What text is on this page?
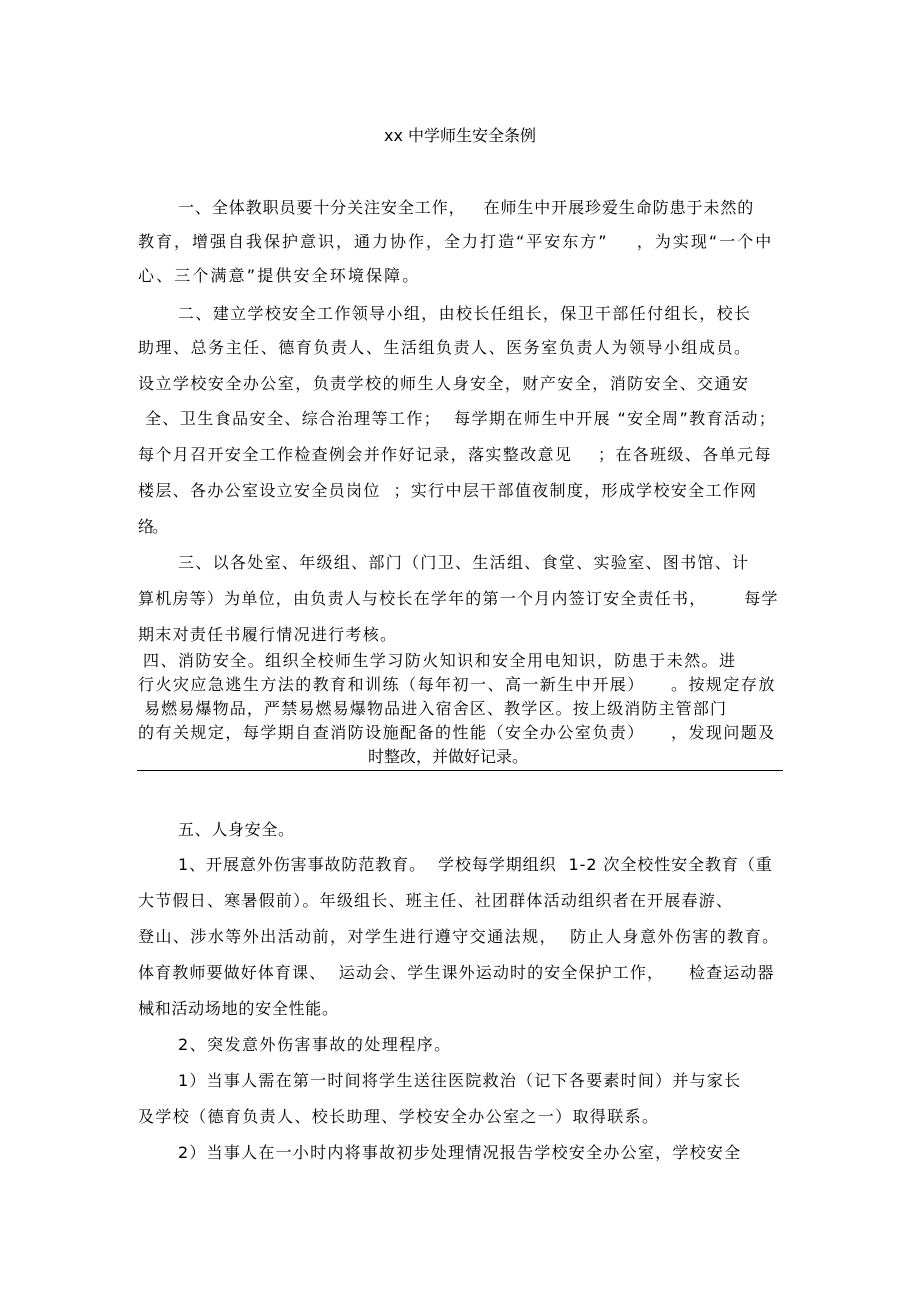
xx 中学师生安全条例
一、全体教职员要十分关注安全工作，   在师生中开展珍爱生命防患于未然的
教育，增强自我保护意识，通力协作，全力打造“平安东方”    ，为实现“一个中
心、三个满意”提供安全环境保障。
二、建立学校安全工作领导小组，由校长任组长，保卫干部任付组长，校长
助理、总务主任、德育负责人、生活组负责人、医务室负责人为领导小组成员。
设立学校安全办公室，负责学校的师生人身安全，财产安全，消防安全、交通安
全、卫生食品安全、综合治理等工作；  每学期在师生中开展 “安全周”教育活动；
每个月召开安全工作检查例会并作好记录，落实整改意见    ；在各班级、各单元每
楼层、各办公室设立安全员岗位  ；实行中层干部值夜制度，形成学校安全工作网
络。
三、以各处室、年级组、部门（门卫、生活组、食堂、实验室、图书馆、计
算机房等）为单位，由负责人与校长在学年的第一个月内签订安全责任书，      每学
期末对责任书履行情况进行考核。
四、消防安全。组织全校师生学习防火知识和安全用电知识，防患于未然。进
行火灾应急逃生方法的教育和训练（每年初一、高一新生中开展）    。按规定存放
易燃易爆物品，严禁易燃易爆物品进入宿舍区、教学区。按上级消防主管部门
的有关规定，每学期自查消防设施配备的性能（安全办公室负责）    ，发现问题及
时整改，并做好记录。
五、人身安全。
1、开展意外伤害事故防范教育。  学校每学期组织  1-2 次全校性安全教育（重
大节假日、寒暑假前）。年级组长、班主任、社团群体活动组织者在开展春游、
登山、涉水等外出活动前，对学生进行遵守交通法规，  防止人身意外伤害的教育。
体育教师要做好体育课、  运动会、学生课外运动时的安全保护工作，    检查运动器
械和活动场地的安全性能。
2、突发意外伤害事故的处理程序。
1）当事人需在第一时间将学生送往医院救治（记下各要素时间）并与家长
及学校（德育负责人、校长助理、学校安全办公室之一）取得联系。
2）当事人在一小时内将事故初步处理情况报告学校安全办公室，学校安全
